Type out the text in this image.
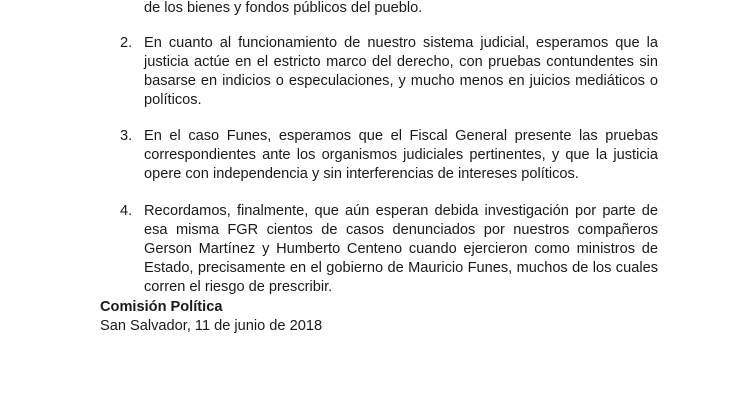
de los bienes y fondos públicos del pueblo.
2. En cuanto al funcionamiento de nuestro sistema judicial, esperamos que la
justicia actúe en el estricto marco del derecho, con pruebas contundentes sin
basarse en indicios o especulaciones, y mucho menos en juicios mediáticos o
políticos.
3. En el caso Funes, esperamos que el Fiscal General presente las pruebas
correspondientes ante los organismos judiciales pertinentes, y que la justicia
opere con independencia y sin interferencias de intereses políticos.
4. Recordamos, finalmente, que aún esperan debida investigación por parte de
esa misma FGR cientos de casos denunciados por nuestros compañeros
Gerson Martínez y Humberto Centeno cuando ejercieron como ministros de
Estado, precisamente en el gobierno de Mauricio Funes, muchos de los cuales
corren el riesgo de prescribir.
Comisión Política
San Salvador, 11 de junio de 2018
